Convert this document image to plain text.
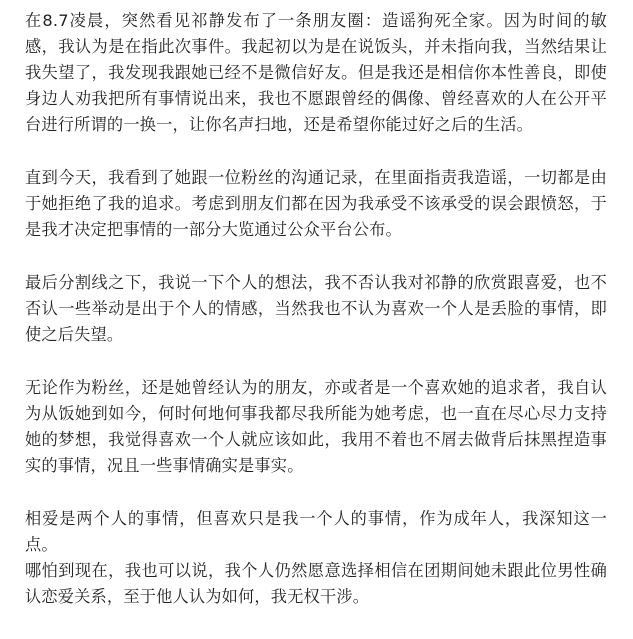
在8.7凌晨，突然看见祁静发布了一条朋友圈：造谣狗死全家。因为时间的敏感，我认为是在指此次事件。我起初以为是在说饭头，并未指向我，当然结果让我失望了，我发现我跟她已经不是微信好友。但是我还是相信你本性善良，即使身边人劝我把所有事情说出来，我也不愿跟曾经的偶像、曾经喜欢的人在公开平台进行所谓的一换一，让你名声扫地，还是希望你能过好之后的生活。

直到今天，我看到了她跟一位粉丝的沟通记录，在里面指责我造谣，一切都是由于她拒绝了我的追求。考虑到朋友们都在因为我承受不该承受的误会跟愤怒，于是我才决定把事情的一部分大览通过公众平台公布。

最后分割线之下，我说一下个人的想法，我不否认我对祁静的欣赏跟喜爱，也不否认一些举动是出于个人的情感，当然我也不认为喜欢一个人是丢脸的事情，即使之后失望。

无论作为粉丝，还是她曾经认为的朋友，亦或者是一个喜欢她的追求者，我自认为从饭她到如今，何时何地何事我都尽我所能为她考虑，也一直在尽心尽力支持她的梦想，我觉得喜欢一个人就应该如此，我用不着也不屑去做背后抹黑捏造事实的事情，况且一些事情确实是事实。

相爱是两个人的事情，但喜欢只是我一个人的事情，作为成年人，我深知这一点。

哪怕到现在，我也可以说，我个人仍然愿意选择相信在团期间她未跟此位男性确认恋爱关系，至于他人认为如何，我无权干涉。
